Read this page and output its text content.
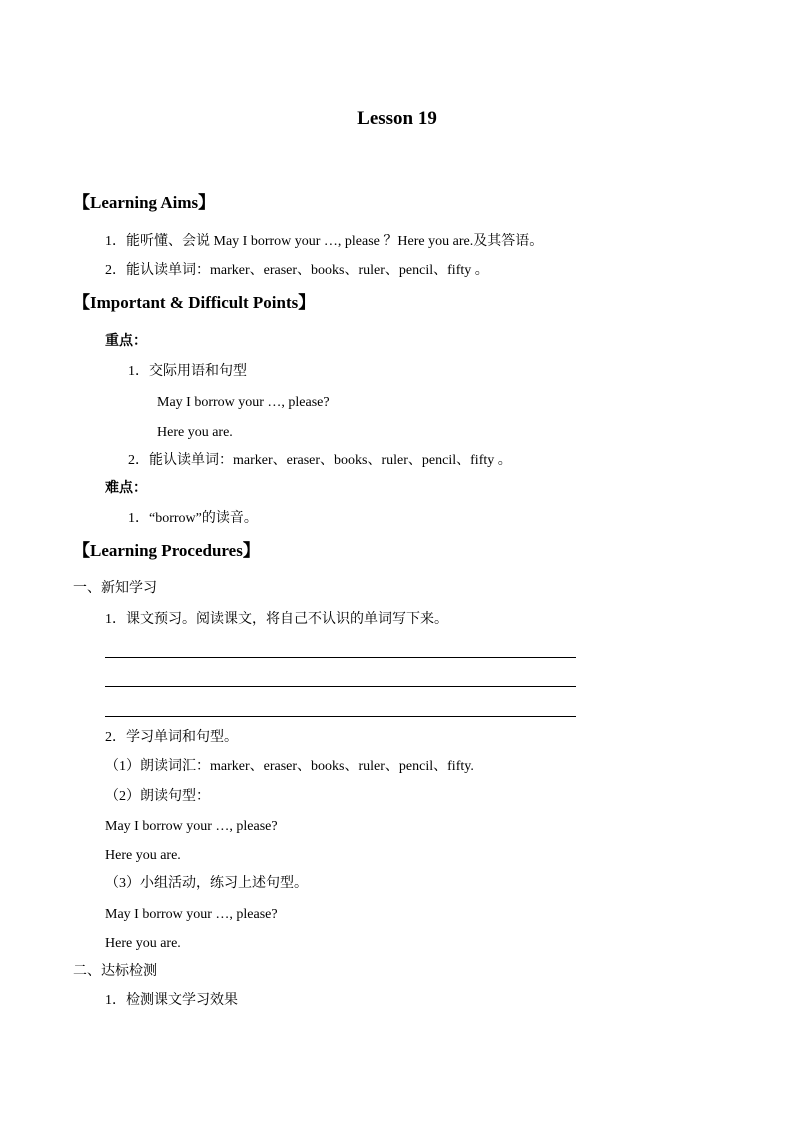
Lesson 19
【Learning Aims】
1．能听懂、会说 May I borrow your …, please ？Here you are.及其答语。
2．能认读单词：marker、eraser、books、ruler、pencil、fifty 。
【Important & Difficult Points】
重点：
1．交际用语和句型
May I borrow your …, please?
Here you are.
2．能认读单词：marker、eraser、books、ruler、pencil、fifty 。
难点：
1．“borrow”的读音。
【Learning Procedures】
一、新知学习
1．课文预习。阅读课文，将自己不认识的单词写下来。
2．学习单词和句型。
（1）朗读词汇：marker、eraser、books、ruler、pencil、fifty.
（2）朗读句型：
May I borrow your …, please?
Here you are.
（3）小组活动，练习上述句型。
May I borrow your …, please?
Here you are.
二、达标检测
1．检测课文学习效果
